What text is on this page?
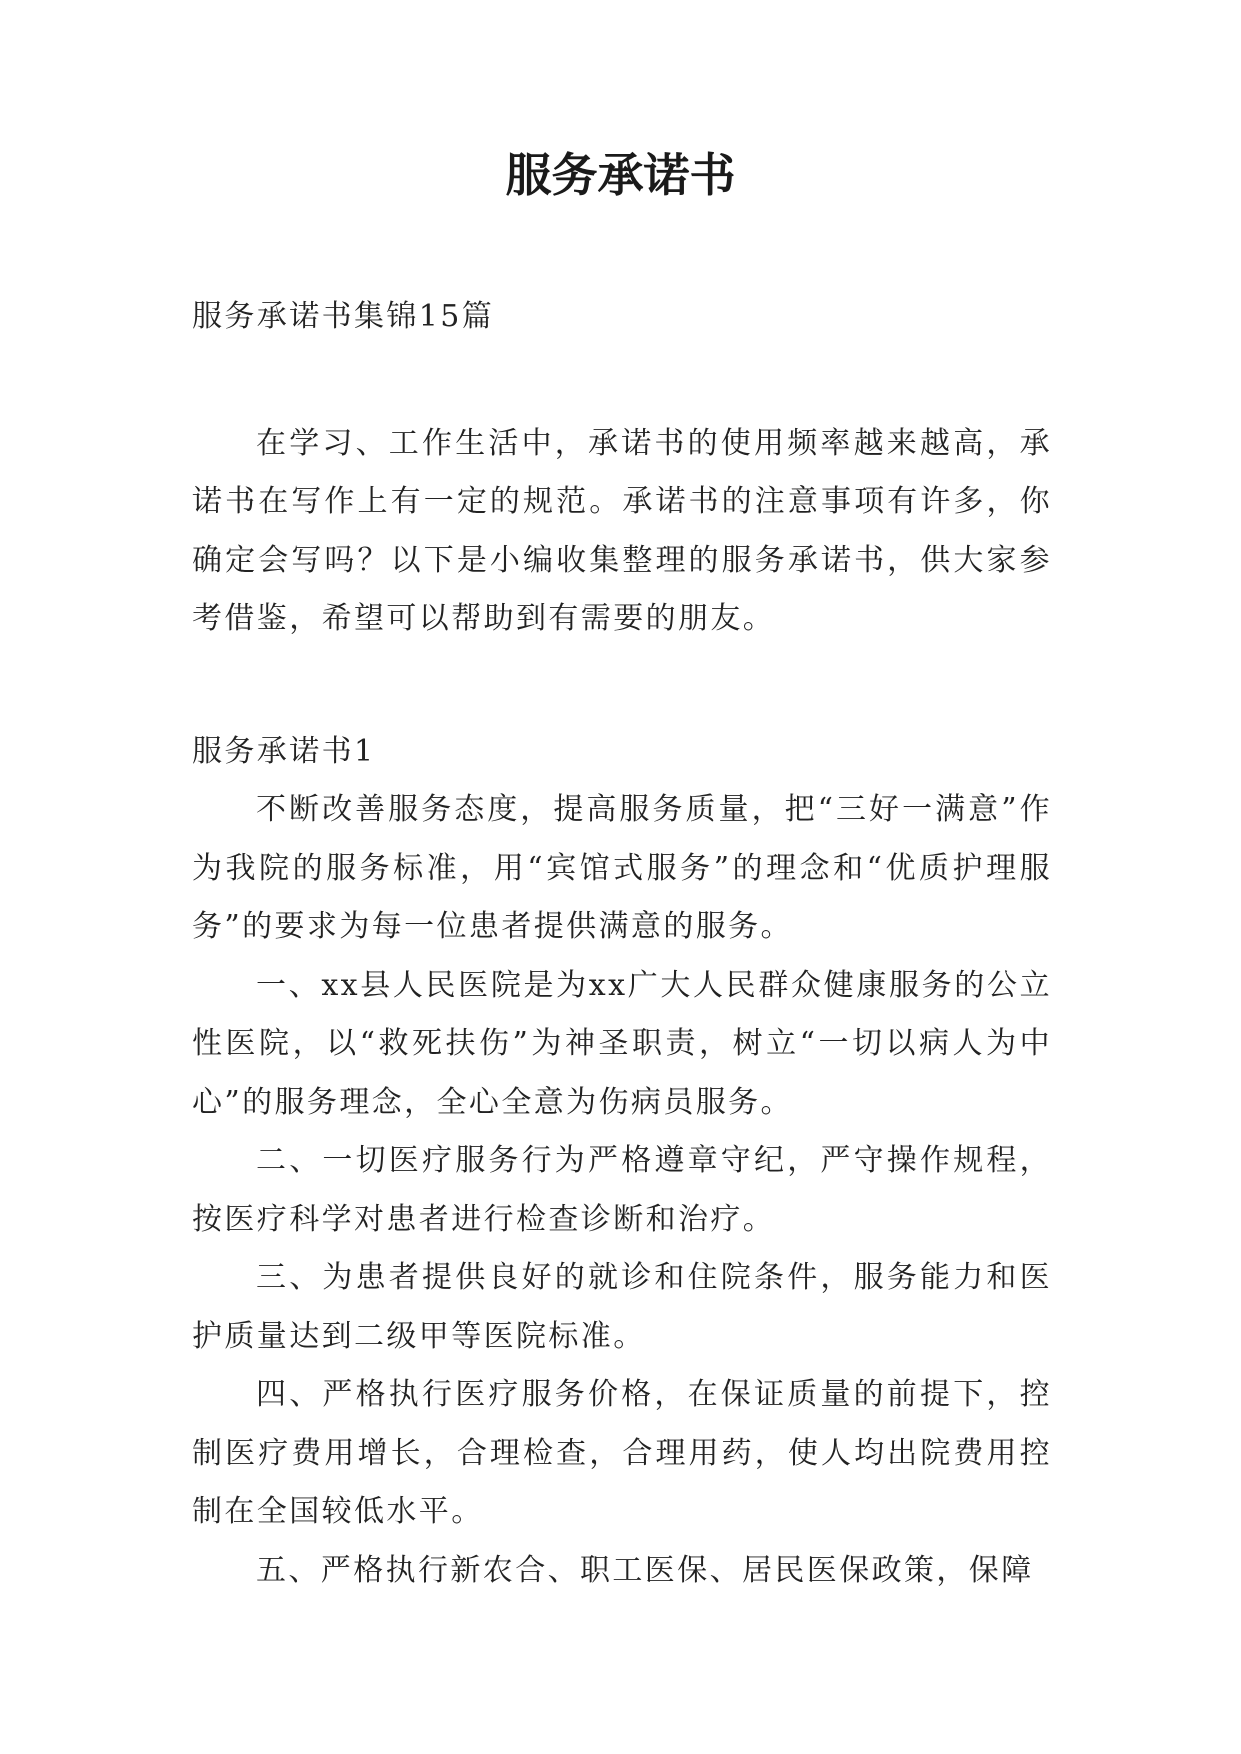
服务承诺书

服务承诺书集锦15篇

在学习、工作生活中，承诺书的使用频率越来越高，承诺书在写作上有一定的规范。承诺书的注意事项有许多，你确定会写吗？以下是小编收集整理的服务承诺书，供大家参考借鉴，希望可以帮助到有需要的朋友。

服务承诺书1

不断改善服务态度，提高服务质量，把“三好一满意”作为我院的服务标准，用“宾馆式服务”的理念和“优质护理服务”的要求为每一位患者提供满意的服务。

一、xx县人民医院是为xx广大人民群众健康服务的公立性医院，以“救死扶伤”为神圣职责，树立“一切以病人为中心”的服务理念，全心全意为伤病员服务。

二、一切医疗服务行为严格遵章守纪，严守操作规程，按医疗科学对患者进行检查诊断和治疗。

三、为患者提供良好的就诊和住院条件，服务能力和医护质量达到二级甲等医院标准。

四、严格执行医疗服务价格，在保证质量的前提下，控制医疗费用增长，合理检查，合理用药，使人均出院费用控制在全国较低水平。

五、严格执行新农合、职工医保、居民医保政策，保障
